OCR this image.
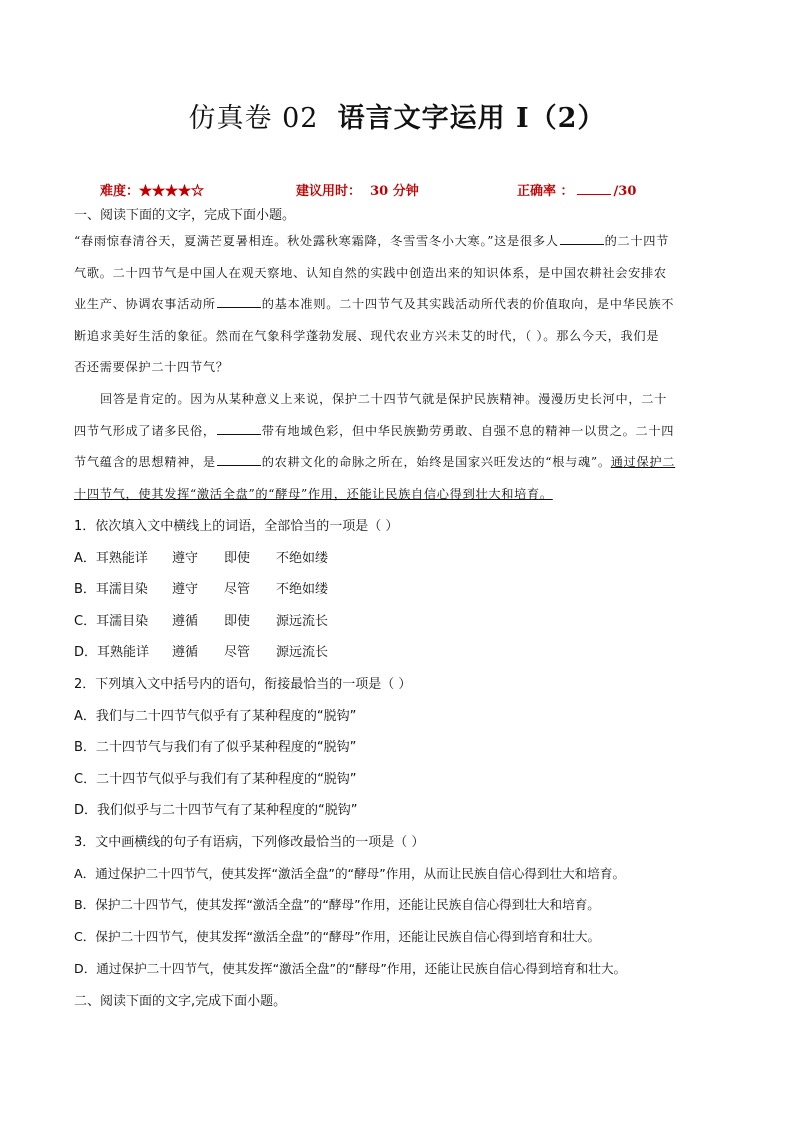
仿真卷 02 语言文字运用 I（2）
难度：★★★★☆	建议用时： 30 分钟	正确率 ：	/30
一、阅读下面的文字，完成下面小题。
“春雨惊春清谷天，夏满芒夏暑相连。秋处露秋寒霜降，冬雪雪冬小大寒。”这是很多人	的二十四节
气歌。二十四节气是中国人在观天察地、认知自然的实践中创造出来的知识体系，是中国农耕社会安排农
业生产、协调农事活动所	的基本准则。二十四节气及其实践活动所代表的价值取向，是中华民族不
断追求美好生活的象征。然而在气象科学蓬勃发展、现代农业方兴未艾的时代，（ ）。那么今天，我们是
否还需要保护二十四节气？
回答是肯定的。因为从某种意义上来说，保护二十四节气就是保护民族精神。漫漫历史长河中，二十
四节气形成了诸多民俗，	带有地域色彩，但中华民族勤劳勇敢、自强不息的精神一以贯之。二十四
节气蕴含的思想精神，是	的农耕文化的命脉之所在，始终是国家兴旺发达的“根与魂”。通过保护二
十四节气，使其发挥“激活全盘”的“酵母”作用，还能让民族自信心得到壮大和培育。
1．依次填入文中横线上的词语，全部恰当的一项是（ ）
A．耳熟能详 遵守 即使 不绝如缕
B．耳濡目染 遵守 尽管 不绝如缕
C．耳濡目染 遵循 即使 源远流长
D．耳熟能详 遵循 尽管 源远流长
2．下列填入文中括号内的语句，衔接最恰当的一项是（ ）
A．我们与二十四节气似乎有了某种程度的“脱钩”
B．二十四节气与我们有了似乎某种程度的“脱钩”
C．二十四节气似乎与我们有了某种程度的“脱钩”
D．我们似乎与二十四节气有了某种程度的“脱钩”
3．文中画横线的句子有语病，下列修改最恰当的一项是（ ）
A．通过保护二十四节气，使其发挥“激活全盘”的“酵母”作用，从而让民族自信心得到壮大和培育。
B．保护二十四节气，使其发挥“激活全盘”的“酵母”作用，还能让民族自信心得到壮大和培育。
C．保护二十四节气，使其发挥“激活全盘”的“酵母”作用，还能让民族自信心得到培育和壮大。
D．通过保护二十四节气，使其发挥“激活全盘”的“酵母”作用，还能让民族自信心得到培育和壮大。
二、阅读下面的文字,完成下面小题。
